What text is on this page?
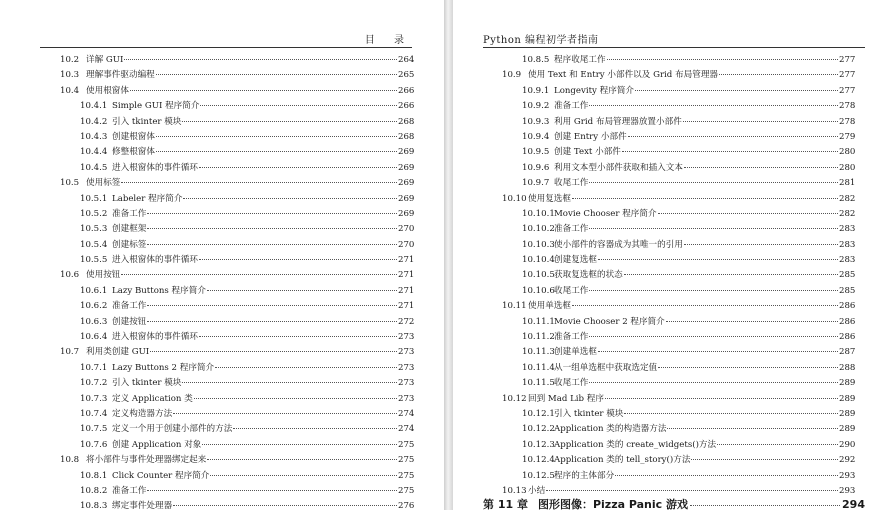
目 录
10.2 详解 GUI	264
10.3 理解事件驱动编程	265
10.4 使用根窗体	266
10.4.1 Simple GUI 程序简介	266
10.4.2 引入 tkinter 模块	268
10.4.3 创建根窗体	268
10.4.4 修整根窗体	269
10.4.5 进入根窗体的事件循环	269
10.5 使用标签	269
10.5.1 Labeler 程序简介	269
10.5.2 准备工作	269
10.5.3 创建框架	270
10.5.4 创建标签	270
10.5.5 进入根窗体的事件循环	271
10.6 使用按钮	271
10.6.1 Lazy Buttons 程序简介	271
10.6.2 准备工作	271
10.6.3 创建按钮	272
10.6.4 进入根窗体的事件循环	273
10.7 利用类创建 GUI	273
10.7.1 Lazy Buttons 2 程序简介	273
10.7.2 引入 tkinter 模块	273
10.7.3 定义 Application 类	273
10.7.4 定义构造器方法	274
10.7.5 定义一个用于创建小部件的方法	274
10.7.6 创建 Application 对象	275
10.8 将小部件与事件处理器绑定起来	275
10.8.1 Click Counter 程序简介	275
10.8.2 准备工作	275
10.8.3 绑定事件处理器	276
Python 编程初学者指南
10.8.5 程序收尾工作	277
10.9 使用 Text 和 Entry 小部件以及 Grid 布局管理器	277
10.9.1 Longevity 程序简介	277
10.9.2 准备工作	278
10.9.3 利用 Grid 布局管理器放置小部件	278
10.9.4 创建 Entry 小部件	279
10.9.5 创建 Text 小部件	280
10.9.6 利用文本型小部件获取和插入文本	280
10.9.7 收尾工作	281
10.10 使用复选框	282
10.10.1 Movie Chooser 程序简介	282
10.10.2 准备工作	283
10.10.3 使小部件的容器成为其唯一的引用	283
10.10.4 创建复选框	283
10.10.5 获取复选框的状态	285
10.10.6 收尾工作	285
10.11 使用单选框	286
10.11.1 Movie Chooser 2 程序简介	286
10.11.2 准备工作	286
10.11.3 创建单选框	287
10.11.4 从一组单选框中获取选定值	288
10.11.5 收尾工作	289
10.12 回到 Mad Lib 程序	289
10.12.1 引入 tkinter 模块	289
10.12.2 Application 类的构造器方法	289
10.12.3 Application 类的 create_widgets()方法	290
10.12.4 Application 类的 tell_story()方法	292
10.12.5 程序的主体部分	293
10.13 小结	293
第 11 章 图形图像：Pizza Panic 游戏	294
